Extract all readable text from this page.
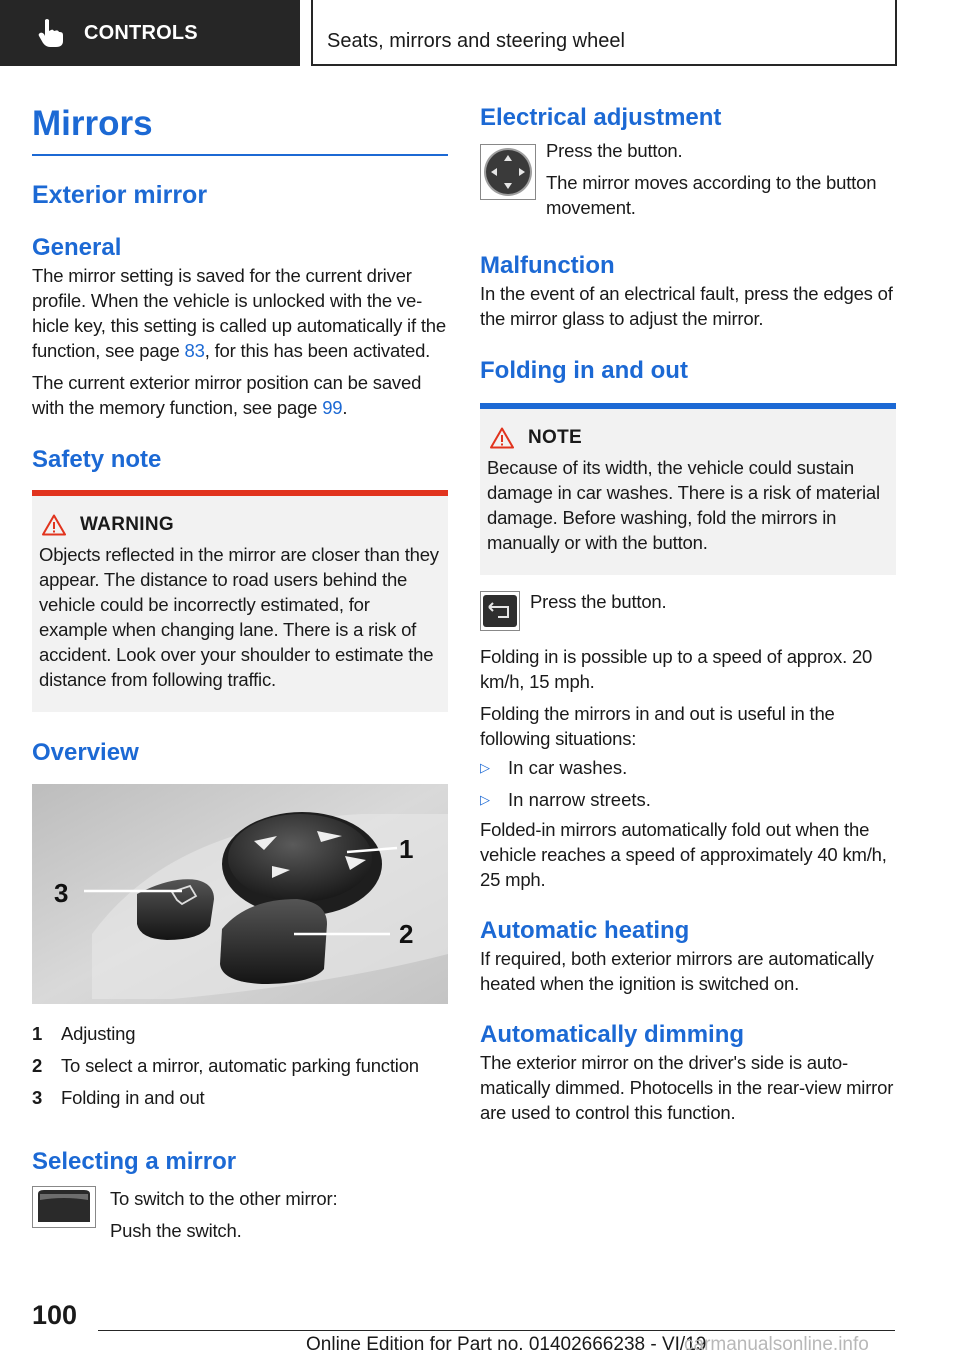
CONTROLS	Seats, mirrors and steering wheel
Mirrors
Exterior mirror
General

The mirror setting is saved for the current driver profile. When the vehicle is unlocked with the vehicle key, this setting is called up automatically if the function, see page 83, for this has been activated.

The current exterior mirror position can be saved with the memory function, see page 99.

Safety note
WARNING

Objects reflected in the mirror are closer than they appear. The distance to road users behind the vehicle could be incorrectly estimated, for example when changing lane. There is a risk of accident. Look over your shoulder to estimate the distance from following traffic.

Overview
3
1
2
1	Adjusting
2	To select a mirror, automatic parking function
3	Folding in and out
Selecting a mirror

To switch to the other mirror:

Push the switch.

Electrical adjustment

Press the button.

The mirror moves according to the button movement.

Malfunction

In the event of an electrical fault, press the edges of the mirror glass to adjust the mirror.

Folding in and out
NOTE

Because of its width, the vehicle could sustain damage in car washes. There is a risk of material damage. Before washing, fold the mirrors in manually or with the button.

Press the button.

Folding in is possible up to a speed of approx. 20 km/h, 15 mph.

Folding the mirrors in and out is useful in the following situations:

▷ In car washes.
▷ In narrow streets.

Folded-in mirrors automatically fold out when the vehicle reaches a speed of approximately 40 km/h, 25 mph.

Automatic heating

If required, both exterior mirrors are automatically heated when the ignition is switched on.

Automatically dimming

The exterior mirror on the driver's side is automatically dimmed. Photocells in the rear-view mirror are used to control this function.

100
Online Edition for Part no. 01402666238 - VI/19
carmanualsonline.info
